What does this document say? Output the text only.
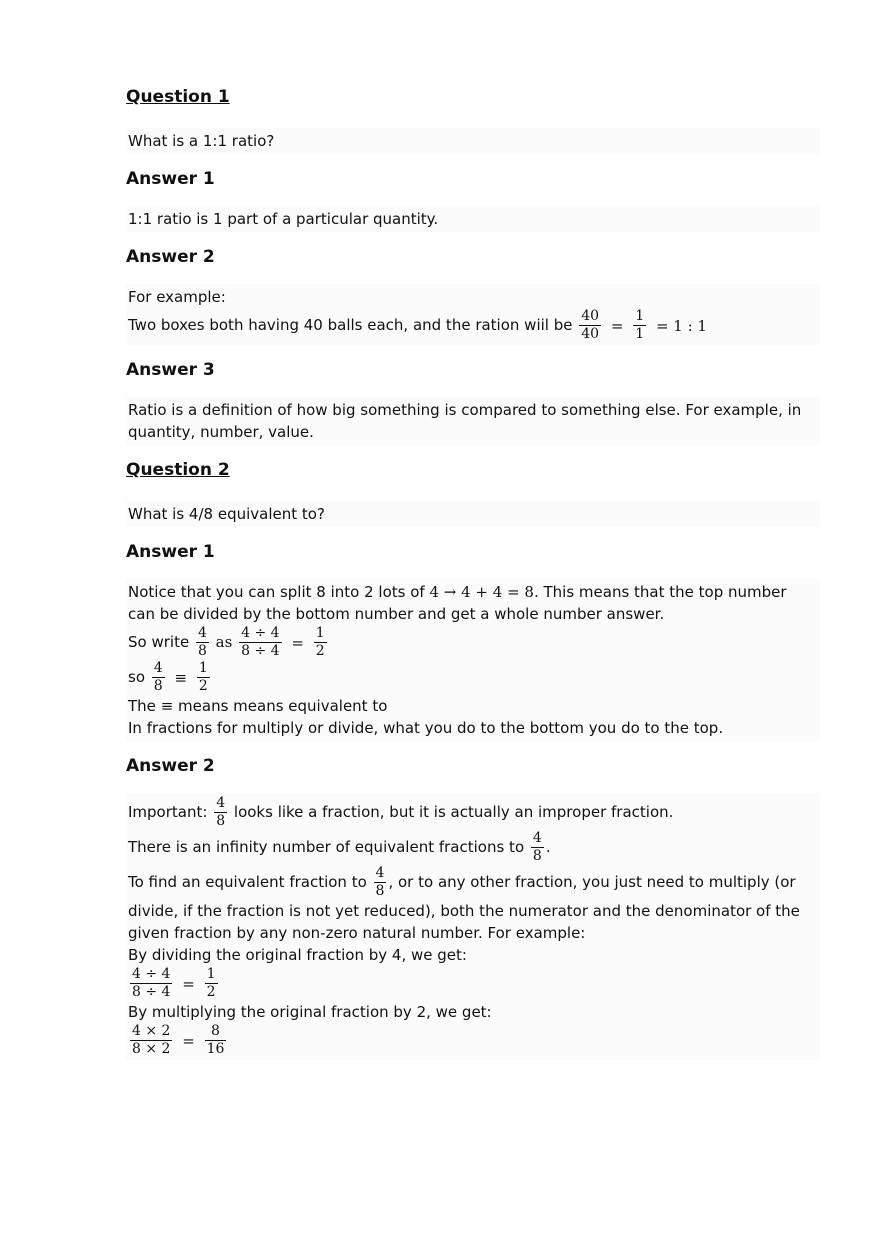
Question 1
What is a 1:1 ratio?
Answer 1
1:1 ratio is 1 part of a particular quantity.
Answer 2
For example:
Two boxes both having 40 balls each, and the ration wiil be $\frac{40}{40} = \frac{1}{1} = 1$ : 1
Answer 3
Ratio is a definition of how big something is compared to something else. For example, in quantity, number, value.
Question 2
What is 4/8 equivalent to?
Answer 1
Notice that you can split 8 into 2 lots of 4 → 4 + 4 = 8. This means that the top number can be divided by the bottom number and get a whole number answer.
So write $\frac{4}{8}$ as $\frac{4 \div 4}{8 \div 4} = \frac{1}{2}$
so $\frac{4}{8} \equiv \frac{1}{2}$
The ≡ means means equivalent to
In fractions for multiply or divide, what you do to the bottom you do to the top.
Answer 2
Important: $\frac{4}{8}$ looks like a fraction, but it is actually an improper fraction.
There is an infinity number of equivalent fractions to $\frac{4}{8}$ .
To find an equivalent fraction to $\frac{4}{8}$ , or to any other fraction, you just need to multiply (or divide, if the fraction is not yet reduced), both the numerator and the denominator of the given fraction by any non-zero natural number. For example:
By dividing the original fraction by 4, we get:
$\frac{4 \div 4}{8 \div 4} = \frac{1}{2}$
By multiplying the original fraction by 2, we get:
$\frac{4 \times 2}{8 \times 2} = \frac{8}{16}$
